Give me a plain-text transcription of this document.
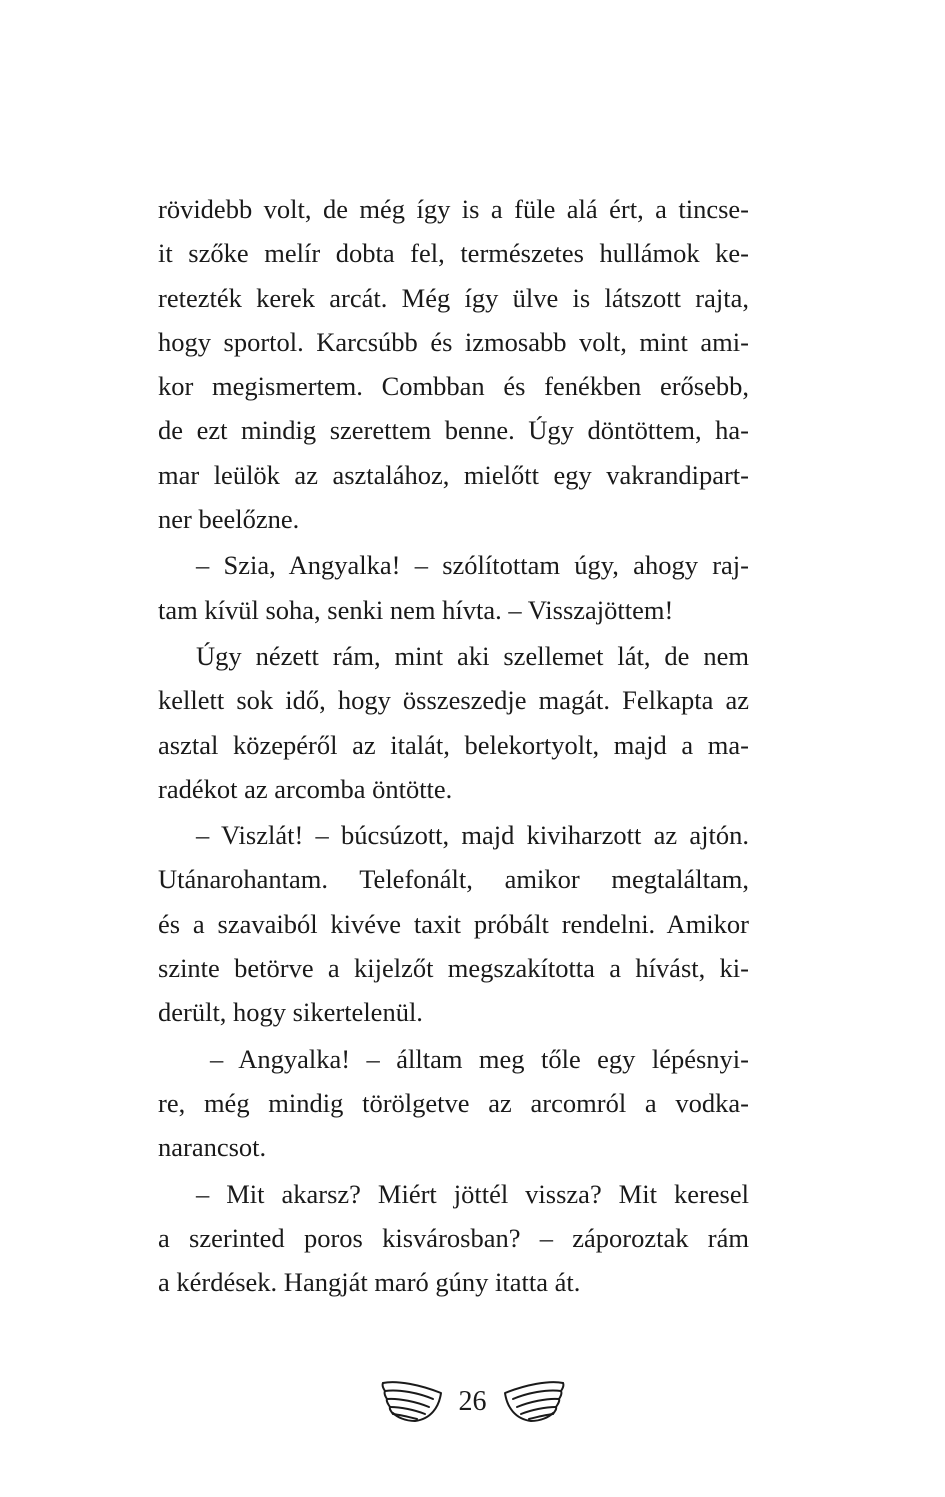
rövidebb volt, de még így is a füle alá ért, a tincse-
it szőke melír dobta fel, természetes hullámok ke-
retezték kerek arcát. Még így ülve is látszott rajta,
hogy sportol. Karcsúbb és izmosabb volt, mint ami-
kor megismertem. Combban és fenékben erősebb,
de ezt mindig szerettem benne. Úgy döntöttem, ha-
mar leülök az asztalához, mielőtt egy vakrandipart-
ner beelőzne.
– Szia, Angyalka! – szólítottam úgy, ahogy raj-
tam kívül soha, senki nem hívta. – Visszajöttem!
Úgy nézett rám, mint aki szellemet lát, de nem
kellett sok idő, hogy összeszedje magát. Felkapta az
asztal közepéről az italát, belekortyolt, majd a ma-
radékot az arcomba öntötte.
– Viszlát! – búcsúzott, majd kiviharzott az ajtón.
Utánarohantam. Telefonált, amikor megtaláltam,
és a szavaiból kivéve taxit próbált rendelni. Amikor
szinte betörve a kijelzőt megszakította a hívást, ki-
derült, hogy sikertelenül.
– Angyalka! – álltam meg tőle egy lépésnyi-
re, még mindig törölgetve az arcomról a vodka-
narancsot.
– Mit akarsz? Miért jöttél vissza? Mit keresel
a szerinted poros kisvárosban? – záporoztak rám
a kérdések. Hangját maró gúny itatta át.
26
